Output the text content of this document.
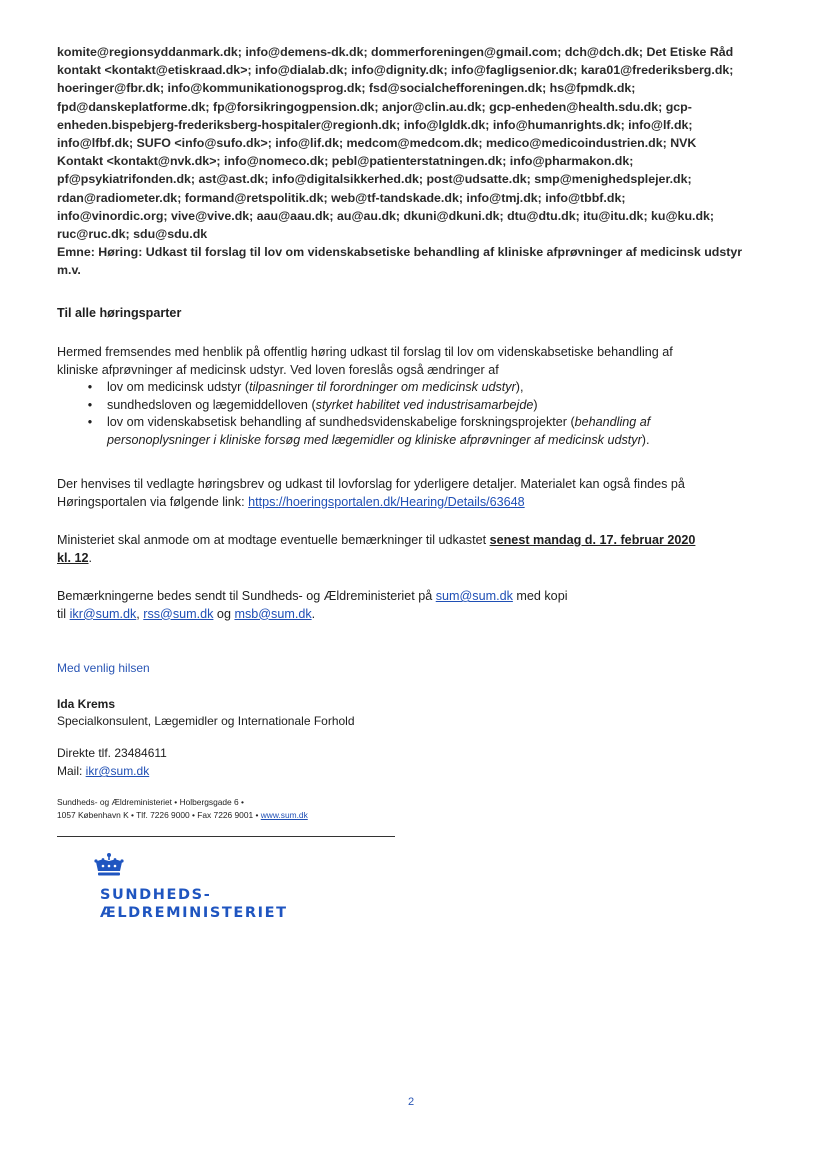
komite@regionsyddanmark.dk; info@demens-dk.dk; dommerforeningen@gmail.com; dch@dch.dk; Det Etiske Råd
kontakt <kontakt@etiskraad.dk>; info@dialab.dk; info@dignity.dk; info@fagligsenior.dk; kara01@frederiksberg.dk;
hoeringer@fbr.dk; info@kommunikationogsprog.dk; fsd@socialchefforeningen.dk; hs@fpmdk.dk;
fpd@danskeplatforme.dk; fp@forsikringogpension.dk; anjor@clin.au.dk; gcp-enheden@health.sdu.dk; gcp-
enheden.bispebjerg-frederiksberg-hospitaler@regionh.dk; info@lgldk.dk; info@humanrights.dk; info@lf.dk;
info@lfbf.dk; SUFO <info@sufo.dk>; info@lif.dk; medcom@medcom.dk; medico@medicoindustrien.dk; NVK
Kontakt <kontakt@nvk.dk>; info@nomeco.dk; pebl@patienterstatningen.dk; info@pharmakon.dk;
pf@psykiatrifonden.dk; ast@ast.dk; info@digitalsikkerhed.dk; post@udsatte.dk; smp@menighedsplejer.dk;
rdan@radiometer.dk; formand@retspolitik.dk; web@tf-tandskade.dk; info@tmj.dk; info@tbbf.dk;
info@vinordic.org; vive@vive.dk; aau@aau.dk; au@au.dk; dkuni@dkuni.dk; dtu@dtu.dk; itu@itu.dk; ku@ku.dk;
ruc@ruc.dk; sdu@sdu.dk
Emne: Høring: Udkast til forslag til lov om videnskabsetiske behandling af kliniske afprøvninger af medicinsk udstyr
m.v.
Til alle høringsparter
Hermed fremsendes med henblik på offentlig høring udkast til forslag til lov om videnskabsetiske behandling af
kliniske afprøvninger af medicinsk udstyr. Ved loven foreslås også ændringer af
• lov om medicinsk udstyr (tilpasninger til forordninger om medicinsk udstyr),
• sundhedsloven og lægemiddelloven (styrket habilitet ved industrisamarbejde)
• lov om videnskabsetisk behandling af sundhedsvidenskabelige forskningsprojekter (behandling af
personoplysninger i kliniske forsøg med lægemidler og kliniske afprøvninger af medicinsk udstyr).
Der henvises til vedlagte høringsbrev og udkast til lovforslag for yderligere detaljer. Materialet kan også findes på
Høringsportalen via følgende link: https://hoeringsportalen.dk/Hearing/Details/63648
Ministeriet skal anmode om at modtage eventuelle bemærkninger til udkastet senest mandag d. 17. februar 2020
kl. 12.
Bemærkningerne bedes sendt til Sundheds- og Ældreministeriet på sum@sum.dk med kopi
til ikr@sum.dk, rss@sum.dk og msb@sum.dk.
Med venlig hilsen
Ida Krems
Specialkonsulent, Lægemidler og Internationale Forhold
Direkte tlf. 23484611
Mail: ikr@sum.dk
Sundheds- og Ældreministeriet • Holbergsgade 6 •
1057 København K • Tlf. 7226 9000 • Fax 7226 9001 • www.sum.dk
SUNDHEDS-
ÆLDREMINISTERIET
2
